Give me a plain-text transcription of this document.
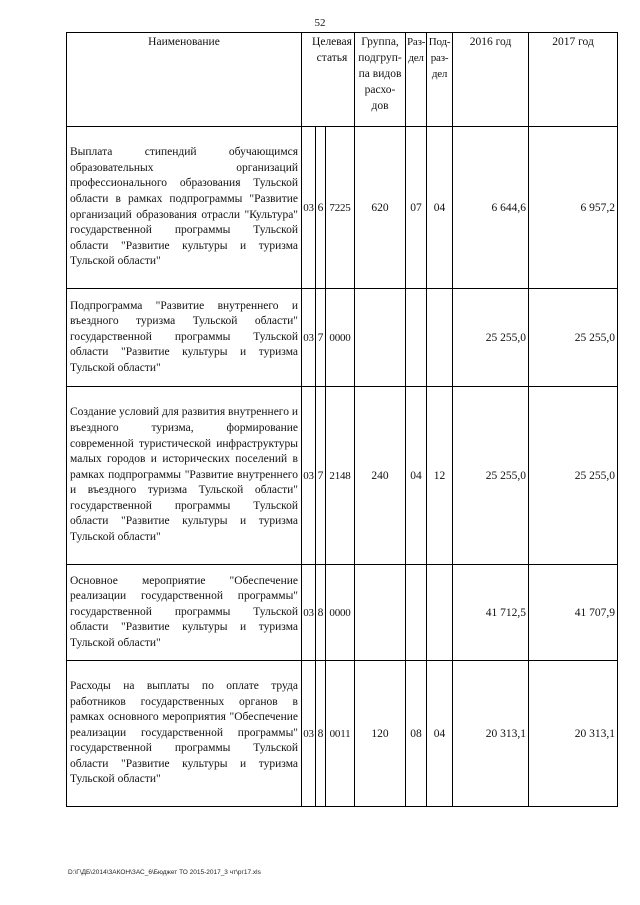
52
Наименование	Целевая статья			Группа, подгруп-па видов расхо-дов	Раз-дел	Под-раз-дел	2016 год	2017 год
Выплата стипендий обучающимся образовательных организаций профессионального образования Тульской области в рамках подпрограммы "Развитие организаций образования отрасли "Культура" государственной программы Тульской области "Развитие культуры и туризма Тульской области"	03	6	7225	620	07	04	6 644,6	6 957,2
Подпрограмма "Развитие внутреннего и въездного туризма Тульской области" государственной программы Тульской области "Развитие культуры и туризма Тульской области"	03	7	0000				25 255,0	25 255,0
Создание условий для развития внутреннего и въездного туризма, формирование современной туристической инфраструктуры малых городов и исторических поселений в рамках подпрограммы "Развитие внутреннего и въездного туризма Тульской области" государственной программы Тульской области "Развитие культуры и туризма Тульской области"	03	7	2148	240	04	12	25 255,0	25 255,0
Основное мероприятие "Обеспечение реализации государственной программы" государственной программы Тульской области "Развитие культуры и туризма Тульской области"	03	8	0000				41 712,5	41 707,9
Расходы на выплаты по оплате труда работников государственных органов в рамках основного мероприятия "Обеспечение реализации государственной программы" государственной программы Тульской области "Развитие культуры и туризма Тульской области"	03	8	0011	120	08	04	20 313,1	20 313,1
D:\Г\ДБ\2014\ЗАКОН\ЗАС_6\Бюджет ТО 2015-2017_3 чт\рг17.xls
